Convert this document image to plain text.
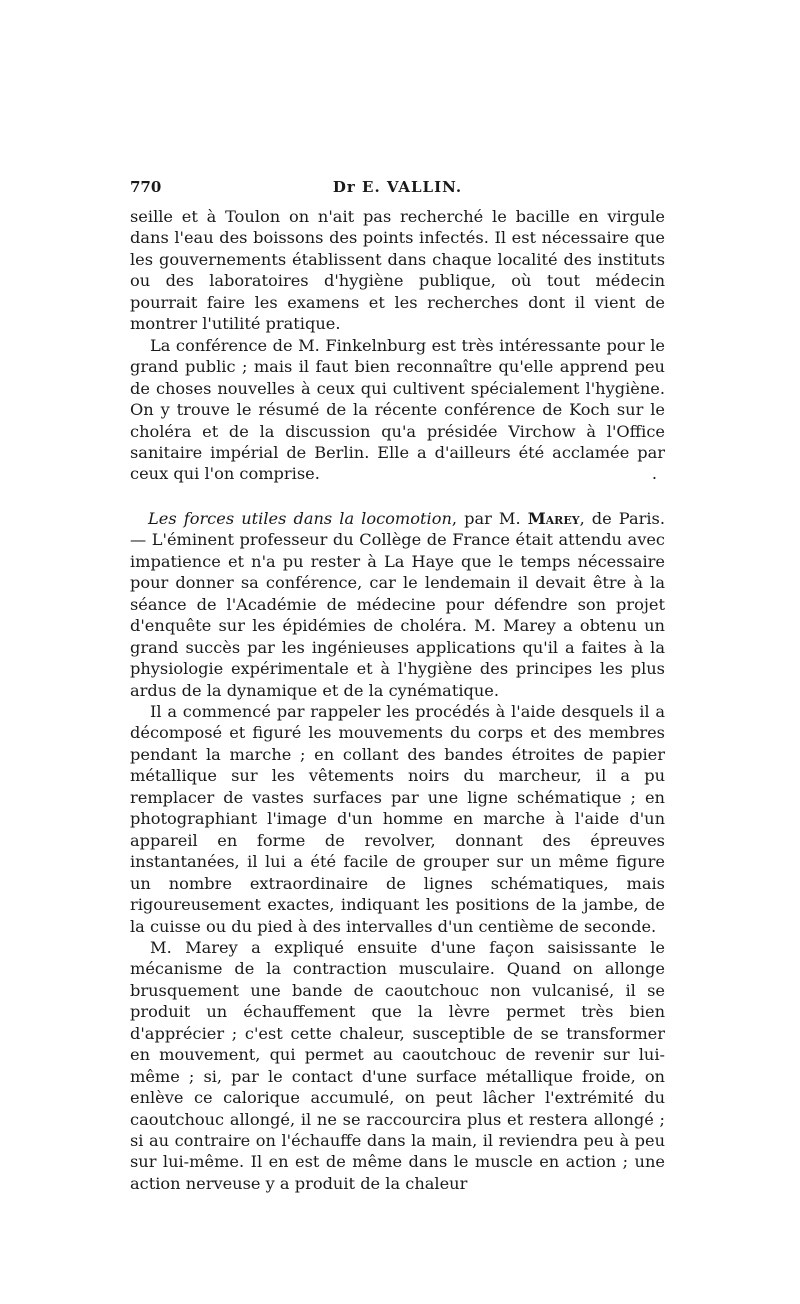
770	Dr E. VALLIN.

seille et à Toulon on n'ait pas recherché le bacille en virgule dans l'eau des boissons des points infectés. Il est nécessaire que les gouvernements établissent dans chaque localité des instituts ou des laboratoires d'hygiène publique, où tout médecin pourrait faire les examens et les recherches dont il vient de montrer l'utilité pratique.

La conférence de M. Finkelnburg est très intéressante pour le grand public ; mais il faut bien reconnaître qu'elle apprend peu de choses nouvelles à ceux qui cultivent spécialement l'hygiène. On y trouve le résumé de la récente conférence de Koch sur le choléra et de la discussion qu'a présidée Virchow à l'Office sanitaire impérial de Berlin. Elle a d'ailleurs été acclamée par ceux qui l'on comprise.	.

Les forces utiles dans la locomotion, par M. Marey, de Paris. — L'éminent professeur du Collège de France était attendu avec impatience et n'a pu rester à La Haye que le temps nécessaire pour donner sa conférence, car le lendemain il devait être à la séance de l'Académie de médecine pour défendre son projet d'enquête sur les épidémies de choléra. M. Marey a obtenu un grand succès par les ingénieuses applications qu'il a faites à la physiologie expérimentale et à l'hygiène des principes les plus ardus de la dynamique et de la cynématique.

Il a commencé par rappeler les procédés à l'aide desquels il a décomposé et figuré les mouvements du corps et des membres pendant la marche ; en collant des bandes étroites de papier métallique sur les vêtements noirs du marcheur, il a pu remplacer de vastes surfaces par une ligne schématique ; en photographiant l'image d'un homme en marche à l'aide d'un appareil en forme de revolver, donnant des épreuves instantanées, il lui a été facile de grouper sur un même figure un nombre extraordinaire de lignes schématiques, mais rigoureusement exactes, indiquant les positions de la jambe, de la cuisse ou du pied à des intervalles d'un centième de seconde.

M. Marey a expliqué ensuite d'une façon saisissante le mécanisme de la contraction musculaire. Quand on allonge brusquement une bande de caoutchouc non vulcanisé, il se produit un échauffement que la lèvre permet très bien d'apprécier ; c'est cette chaleur, susceptible de se transformer en mouvement, qui permet au caoutchouc de revenir sur lui-même ; si, par le contact d'une surface métallique froide, on enlève ce calorique accumulé, on peut lâcher l'extrémité du caoutchouc allongé, il ne se raccourcira plus et restera allongé ; si au contraire on l'échauffe dans la main, il reviendra peu à peu sur lui-même. Il en est de même dans le muscle en action ; une action nerveuse y a produit de la chaleur
